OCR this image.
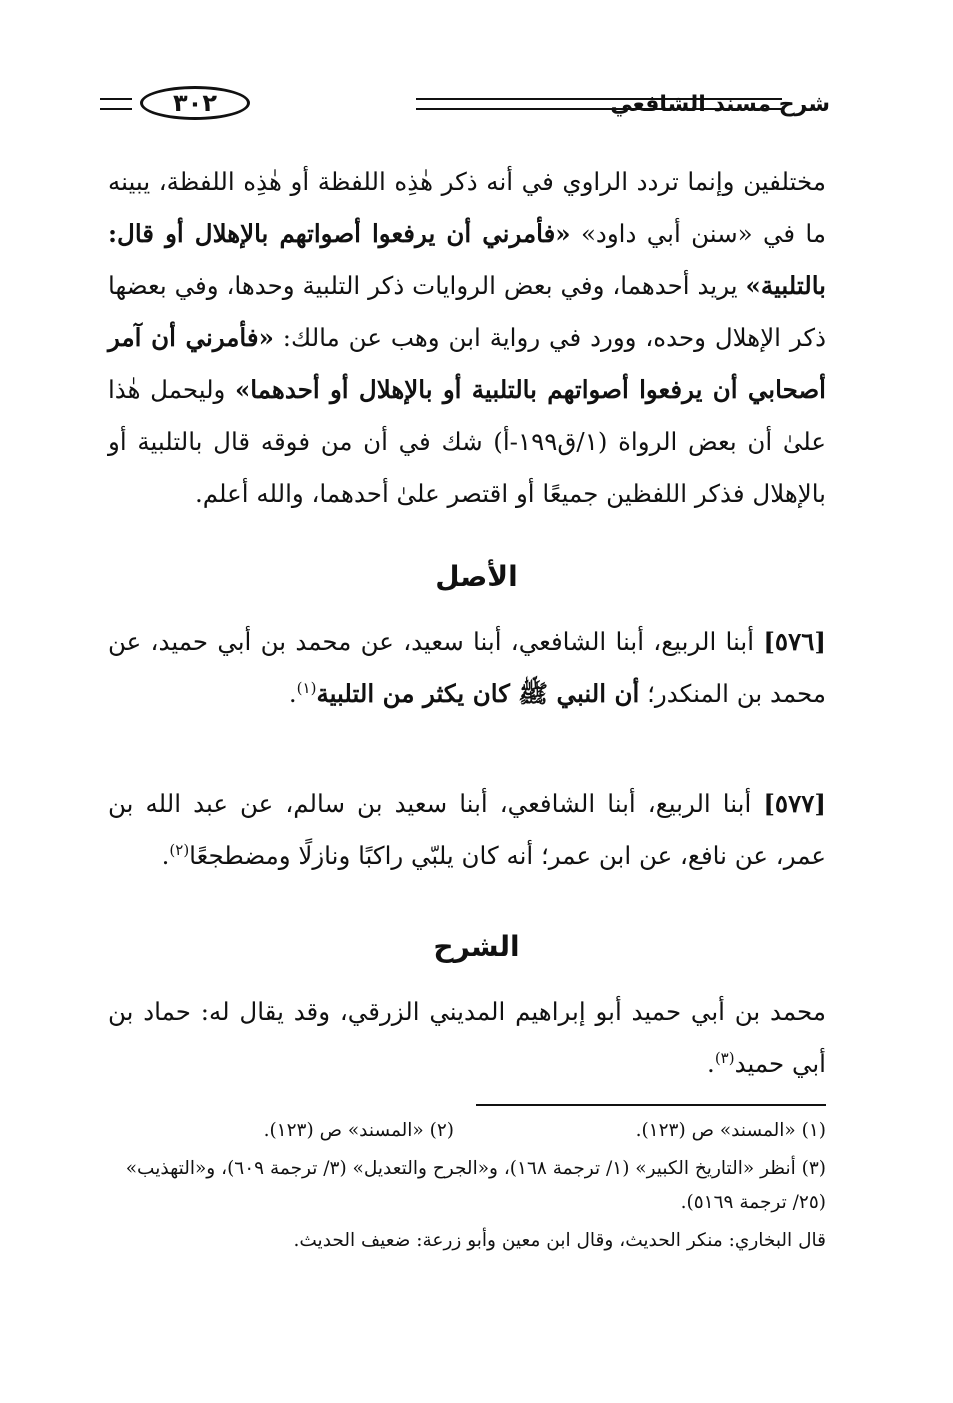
٣٠٢	شرح مسند الشافعي
مختلفين وإنما تردد الراوي في أنه ذكر هٰذِه اللفظة أو هٰذِه اللفظة، يبينه ما في «سنن أبي داود» «فأمرني أن يرفعوا أصواتهم بالإهلال أو قال: بالتلبية» يريد أحدهما، وفي بعض الروايات ذكر التلبية وحدها، وفي بعضها ذكر الإهلال وحده، وورد في رواية ابن وهب عن مالك: «فأمرني أن آمر أصحابي أن يرفعوا أصواتهم بالتلبية أو بالإهلال أو أحدهما» وليحمل هٰذا علىٰ أن بعض الرواة (١/ق١٩٩-أ) شك في أن من فوقه قال بالتلبية أو بالإهلال فذكر اللفظين جميعًا أو اقتصر علىٰ أحدهما، والله أعلم.
الأصل
[٥٧٦] أبنا الربيع، أبنا الشافعي، أبنا سعيد، عن محمد بن أبي حميد، عن محمد بن المنكدر؛ أن النبي ﷺ كان يكثر من التلبية$^{(١)}$.
[٥٧٧] أبنا الربيع، أبنا الشافعي، أبنا سعيد بن سالم، عن عبد الله بن عمر، عن نافع، عن ابن عمر؛ أنه كان يلبّي راكبًا ونازلًا ومضطجعًا$^{(٢)}$.
الشرح
محمد بن أبي حميد أبو إبراهيم المديني الزرقي، وقد يقال له: حماد بن أبي حميد$^{(٣)}$.
(١) «المسند» ص (١٢٣).(٢) «المسند» ص (١٢٣).
(٣) أنظر «التاريخ الكبير» (١/ ترجمة ١٦٨)، و«الجرح والتعديل» (٣/ ترجمة ٦٠٩)، و«التهذيب» (٢٥/ ترجمة ٥١٦٩).
قال البخاري: منكر الحديث، وقال ابن معين وأبو زرعة: ضعيف الحديث.
